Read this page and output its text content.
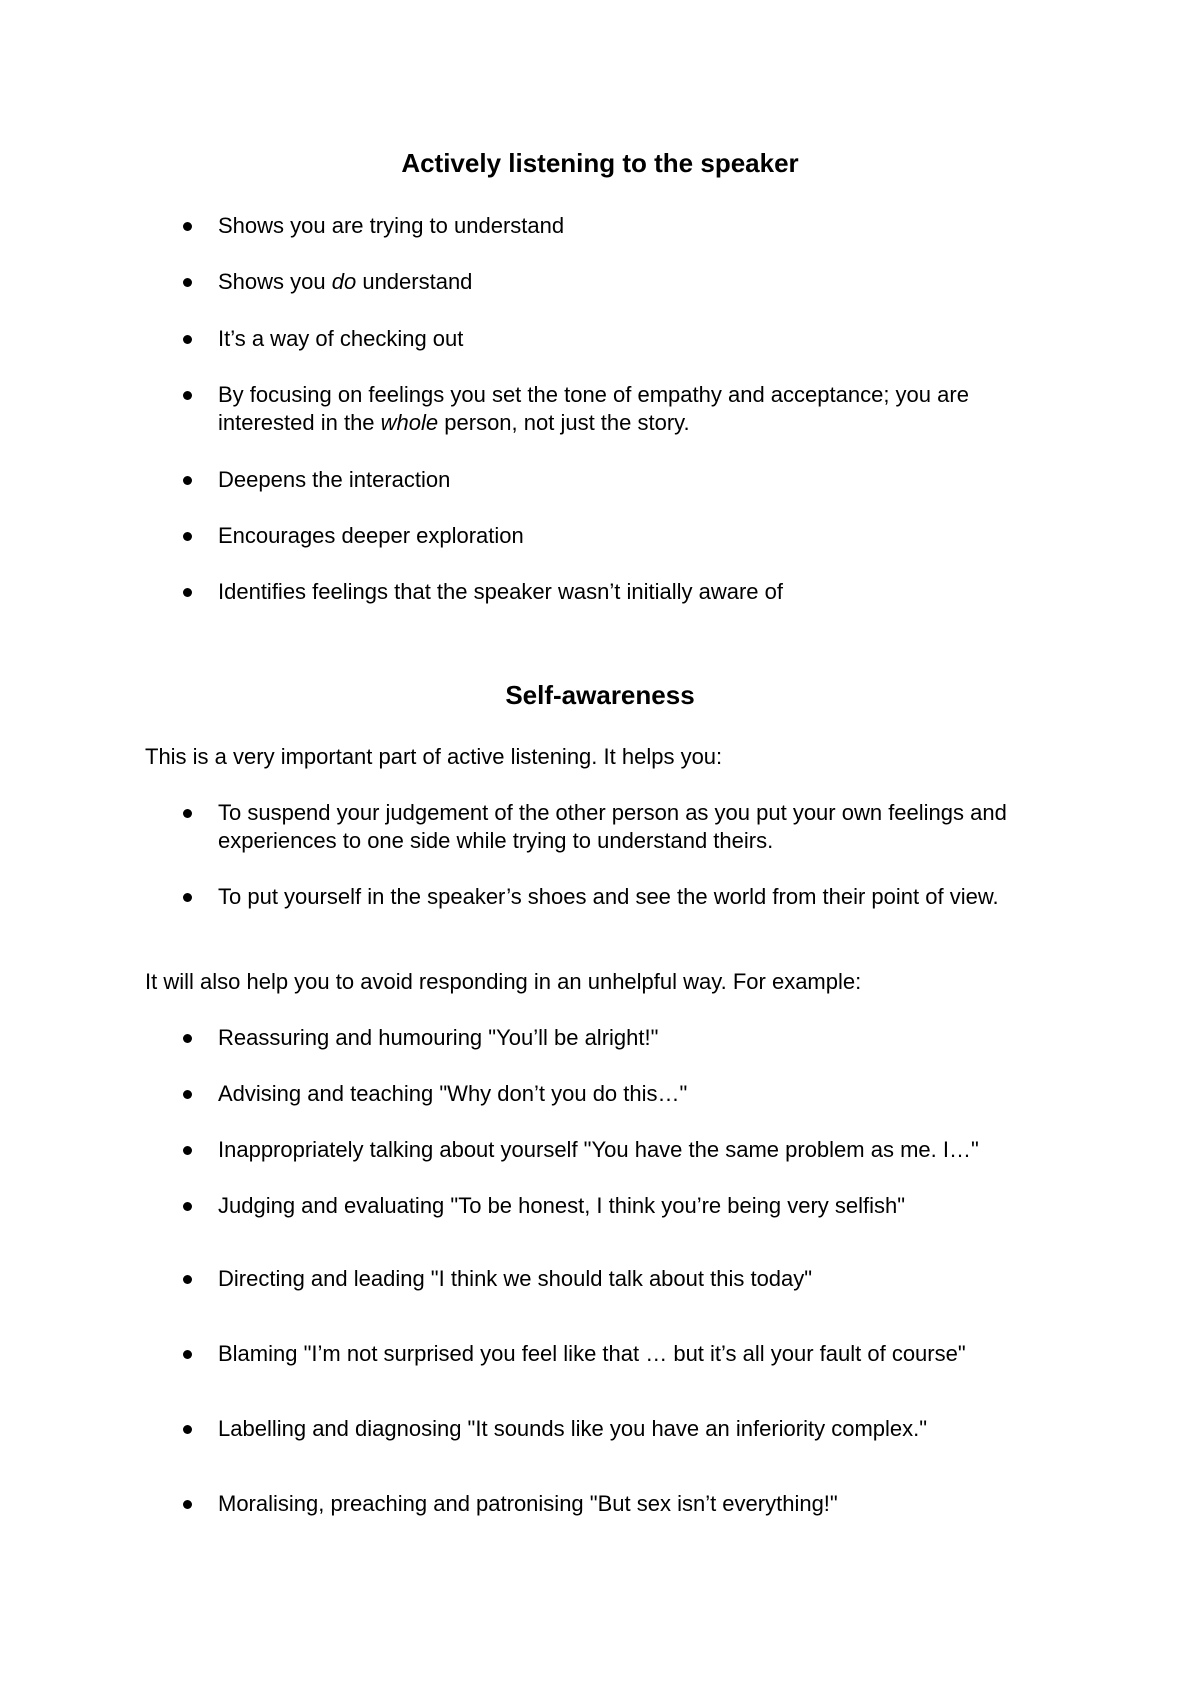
Actively listening to the speaker

Shows you are trying to understand

Shows you do understand

It’s a way of checking out

By focusing on feelings you set the tone of empathy and acceptance; you are interested in the whole person, not just the story.

Deepens the interaction

Encourages deeper exploration

Identifies feelings that the speaker wasn’t initially aware of

Self-awareness

This is a very important part of active listening. It helps you:

To suspend your judgement of the other person as you put your own feelings and experiences to one side while trying to understand theirs.

To put yourself in the speaker’s shoes and see the world from their point of view.

It will also help you to avoid responding in an unhelpful way. For example:

Reassuring and humouring "You’ll be alright!"

Advising and teaching "Why don’t you do this…"

Inappropriately talking about yourself "You have the same problem as me. I…"

Judging and evaluating "To be honest, I think you’re being very selfish"

Directing and leading "I think we should talk about this today"

Blaming "I’m not surprised you feel like that … but it’s all your fault of course"

Labelling and diagnosing "It sounds like you have an inferiority complex."

Moralising, preaching and patronising "But sex isn’t everything!"
